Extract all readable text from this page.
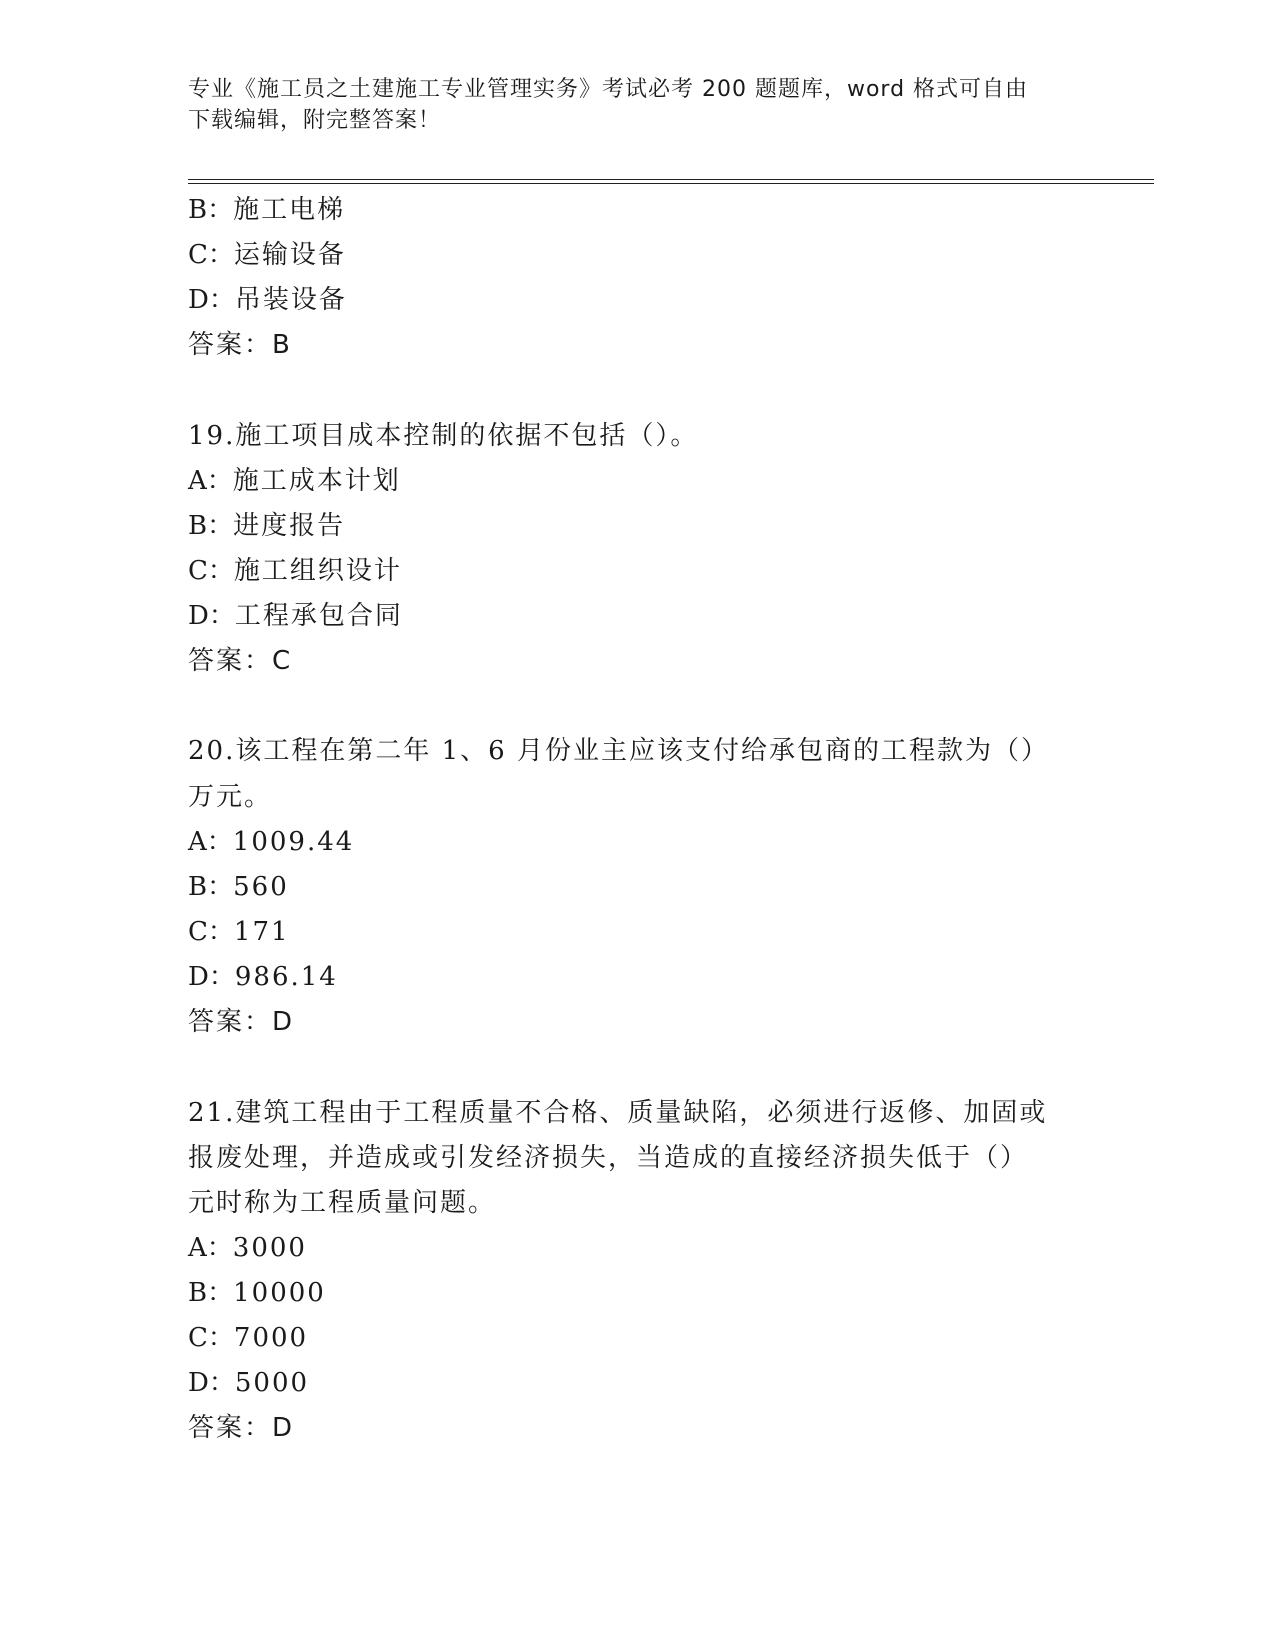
专业《施工员之土建施工专业管理实务》考试必考 200 题题库，word 格式可自由
下载编辑，附完整答案！
B：施工电梯
C：运输设备
D：吊装设备
答案：B
19.施工项目成本控制的依据不包括（）。
A：施工成本计划
B：进度报告
C：施工组织设计
D：工程承包合同
答案：C
20.该工程在第二年 1、6 月份业主应该支付给承包商的工程款为（）
万元。
A：1009.44
B：560
C：171
D：986.14
答案：D
21.建筑工程由于工程质量不合格、质量缺陷，必须进行返修、加固或
报废处理，并造成或引发经济损失，当造成的直接经济损失低于（）
元时称为工程质量问题。
A：3000
B：10000
C：7000
D：5000
答案：D
